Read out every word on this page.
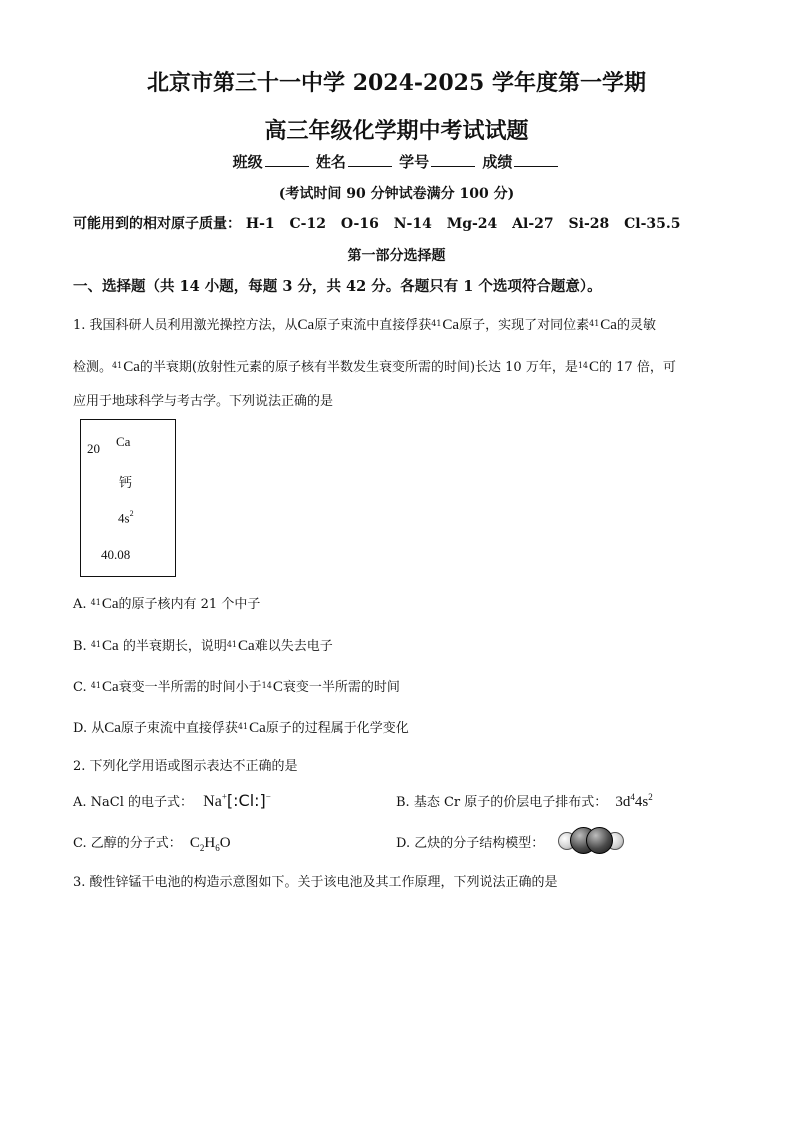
北京市第三十一中学 2024-2025 学年度第一学期
高三年级化学期中考试试题
班级	姓名	学号	成绩
(考试时间 90 分钟试卷满分 100 分)
可能用到的相对原子质量： H-1 C-12 O-16 N-14 Mg-24 Al-27 Si-28 Cl-35.5
第一部分选择题
一、选择题（共 14 小题，每题 3 分，共 42 分。各题只有 1 个选项符合题意）。
1. 我国科研人员利用激光操控方法，从Ca原子束流中直接俘获$^{41}$Ca原子，实现了对同位素$^{41}$Ca的灵敏
检测。$^{41}$Ca的半衰期(放射性元素的原子核有半数发生衰变所需的时间)长达 10 万年，是$^{14}$C的 17 倍，可
应用于地球科学与考古学。下列说法正确的是
20 Ca
钙
$4s^2$
40.08
A. $^{41}$Ca的原子核内有 21 个中子
B. $^{41}$Ca 的半衰期长，说明$^{41}$Ca难以失去电子
C. $^{41}$Ca衰变一半所需的时间小于$^{14}$C衰变一半所需的时间
D. 从Ca原子束流中直接俘获$^{41}$Ca原子的过程属于化学变化
2. 下列化学用语或图示表达不正确的是
A. NaCl 的电子式： Na+[:Cl:]−	B. 基态 Cr 原子的价层电子排布式： $3d^44s^2$
C. 乙醇的分子式： $C_2H_6O$	D. 乙炔的分子结构模型：
3. 酸性锌锰干电池的构造示意图如下。关于该电池及其工作原理，下列说法正确的是
